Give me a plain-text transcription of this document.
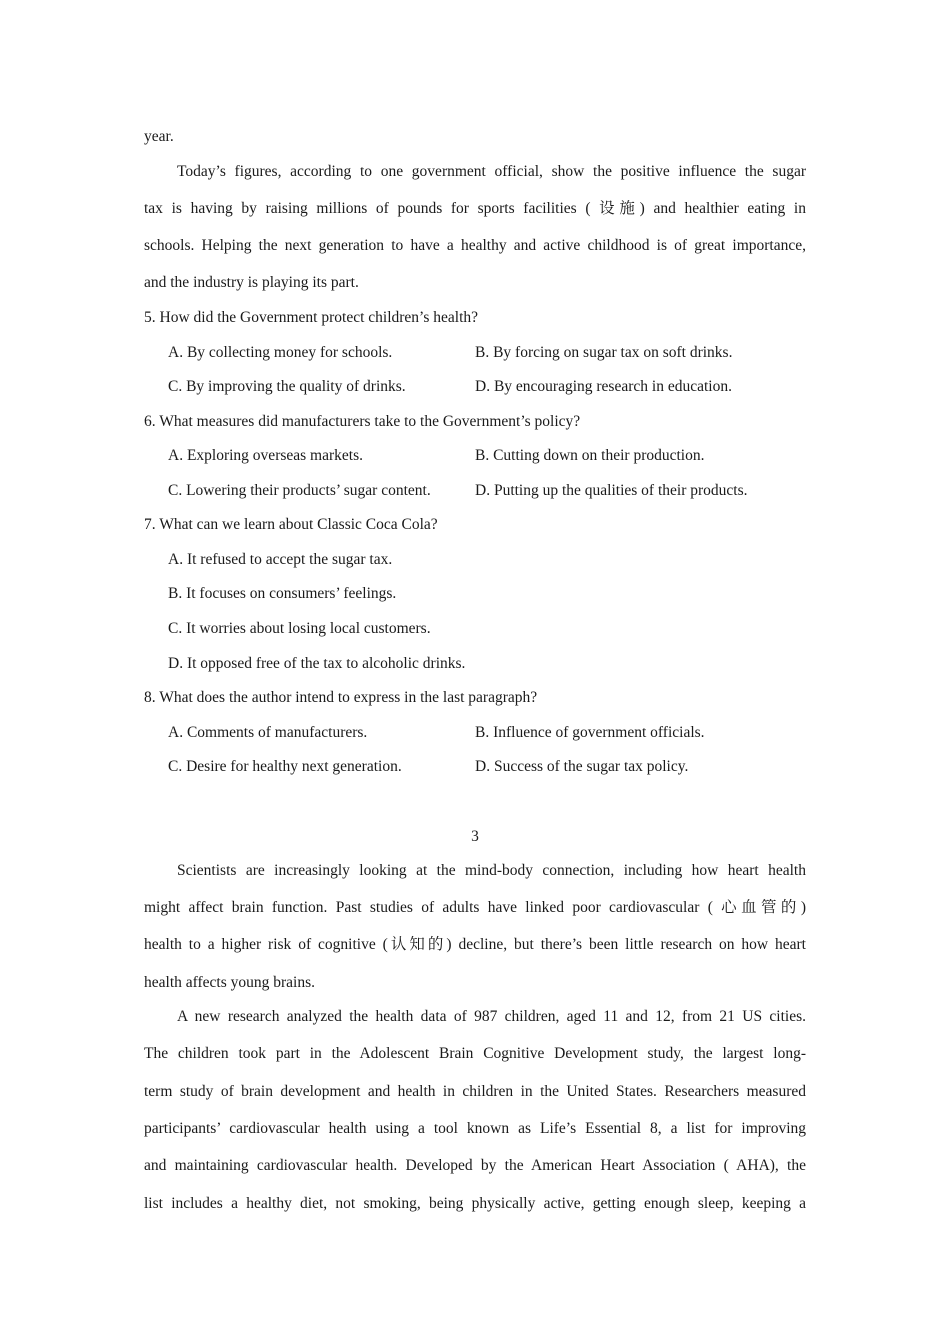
year.
Today’s figures, according to one government official, show the positive influence the sugar
tax is having by raising millions of pounds for sports facilities ( 设施) and healthier eating in
schools. Helping the next generation to have a healthy and active childhood is of great importance,
and the industry is playing its part.
5. How did the Government protect children’s health?
A. By collecting money for schools.	B. By forcing on sugar tax on soft drinks.
C. By improving the quality of drinks.	D. By encouraging research in education.
6. What measures did manufacturers take to the Government’s policy?
A. Exploring overseas markets.	B. Cutting down on their production.
C. Lowering their products’ sugar content.	D. Putting up the qualities of their products.
7. What can we learn about Classic Coca Cola?
A. It refused to accept the sugar tax.
B. It focuses on consumers’ feelings.
C. It worries about losing local customers.
D. It opposed free of the tax to alcoholic drinks.
8. What does the author intend to express in the last paragraph?
A. Comments of manufacturers.	B. Influence of government officials.
C. Desire for healthy next generation.	D. Success of the sugar tax policy.
3
Scientists are increasingly looking at the mind-body connection, including how heart health
might affect brain function. Past studies of adults have linked poor cardiovascular ( 心血管的)
health to a higher risk of cognitive (认知的) decline, but there’s been little research on how heart
health affects young brains.
A new research analyzed the health data of 987 children, aged 11 and 12, from 21 US cities.
The children took part in the Adolescent Brain Cognitive Development study, the largest long-
term study of brain development and health in children in the United States. Researchers measured
participants’ cardiovascular health using a tool known as Life’s Essential 8, a list for improving
and maintaining cardiovascular health. Developed by the American Heart Association ( AHA), the
list includes a healthy diet, not smoking, being physically active, getting enough sleep, keeping a
